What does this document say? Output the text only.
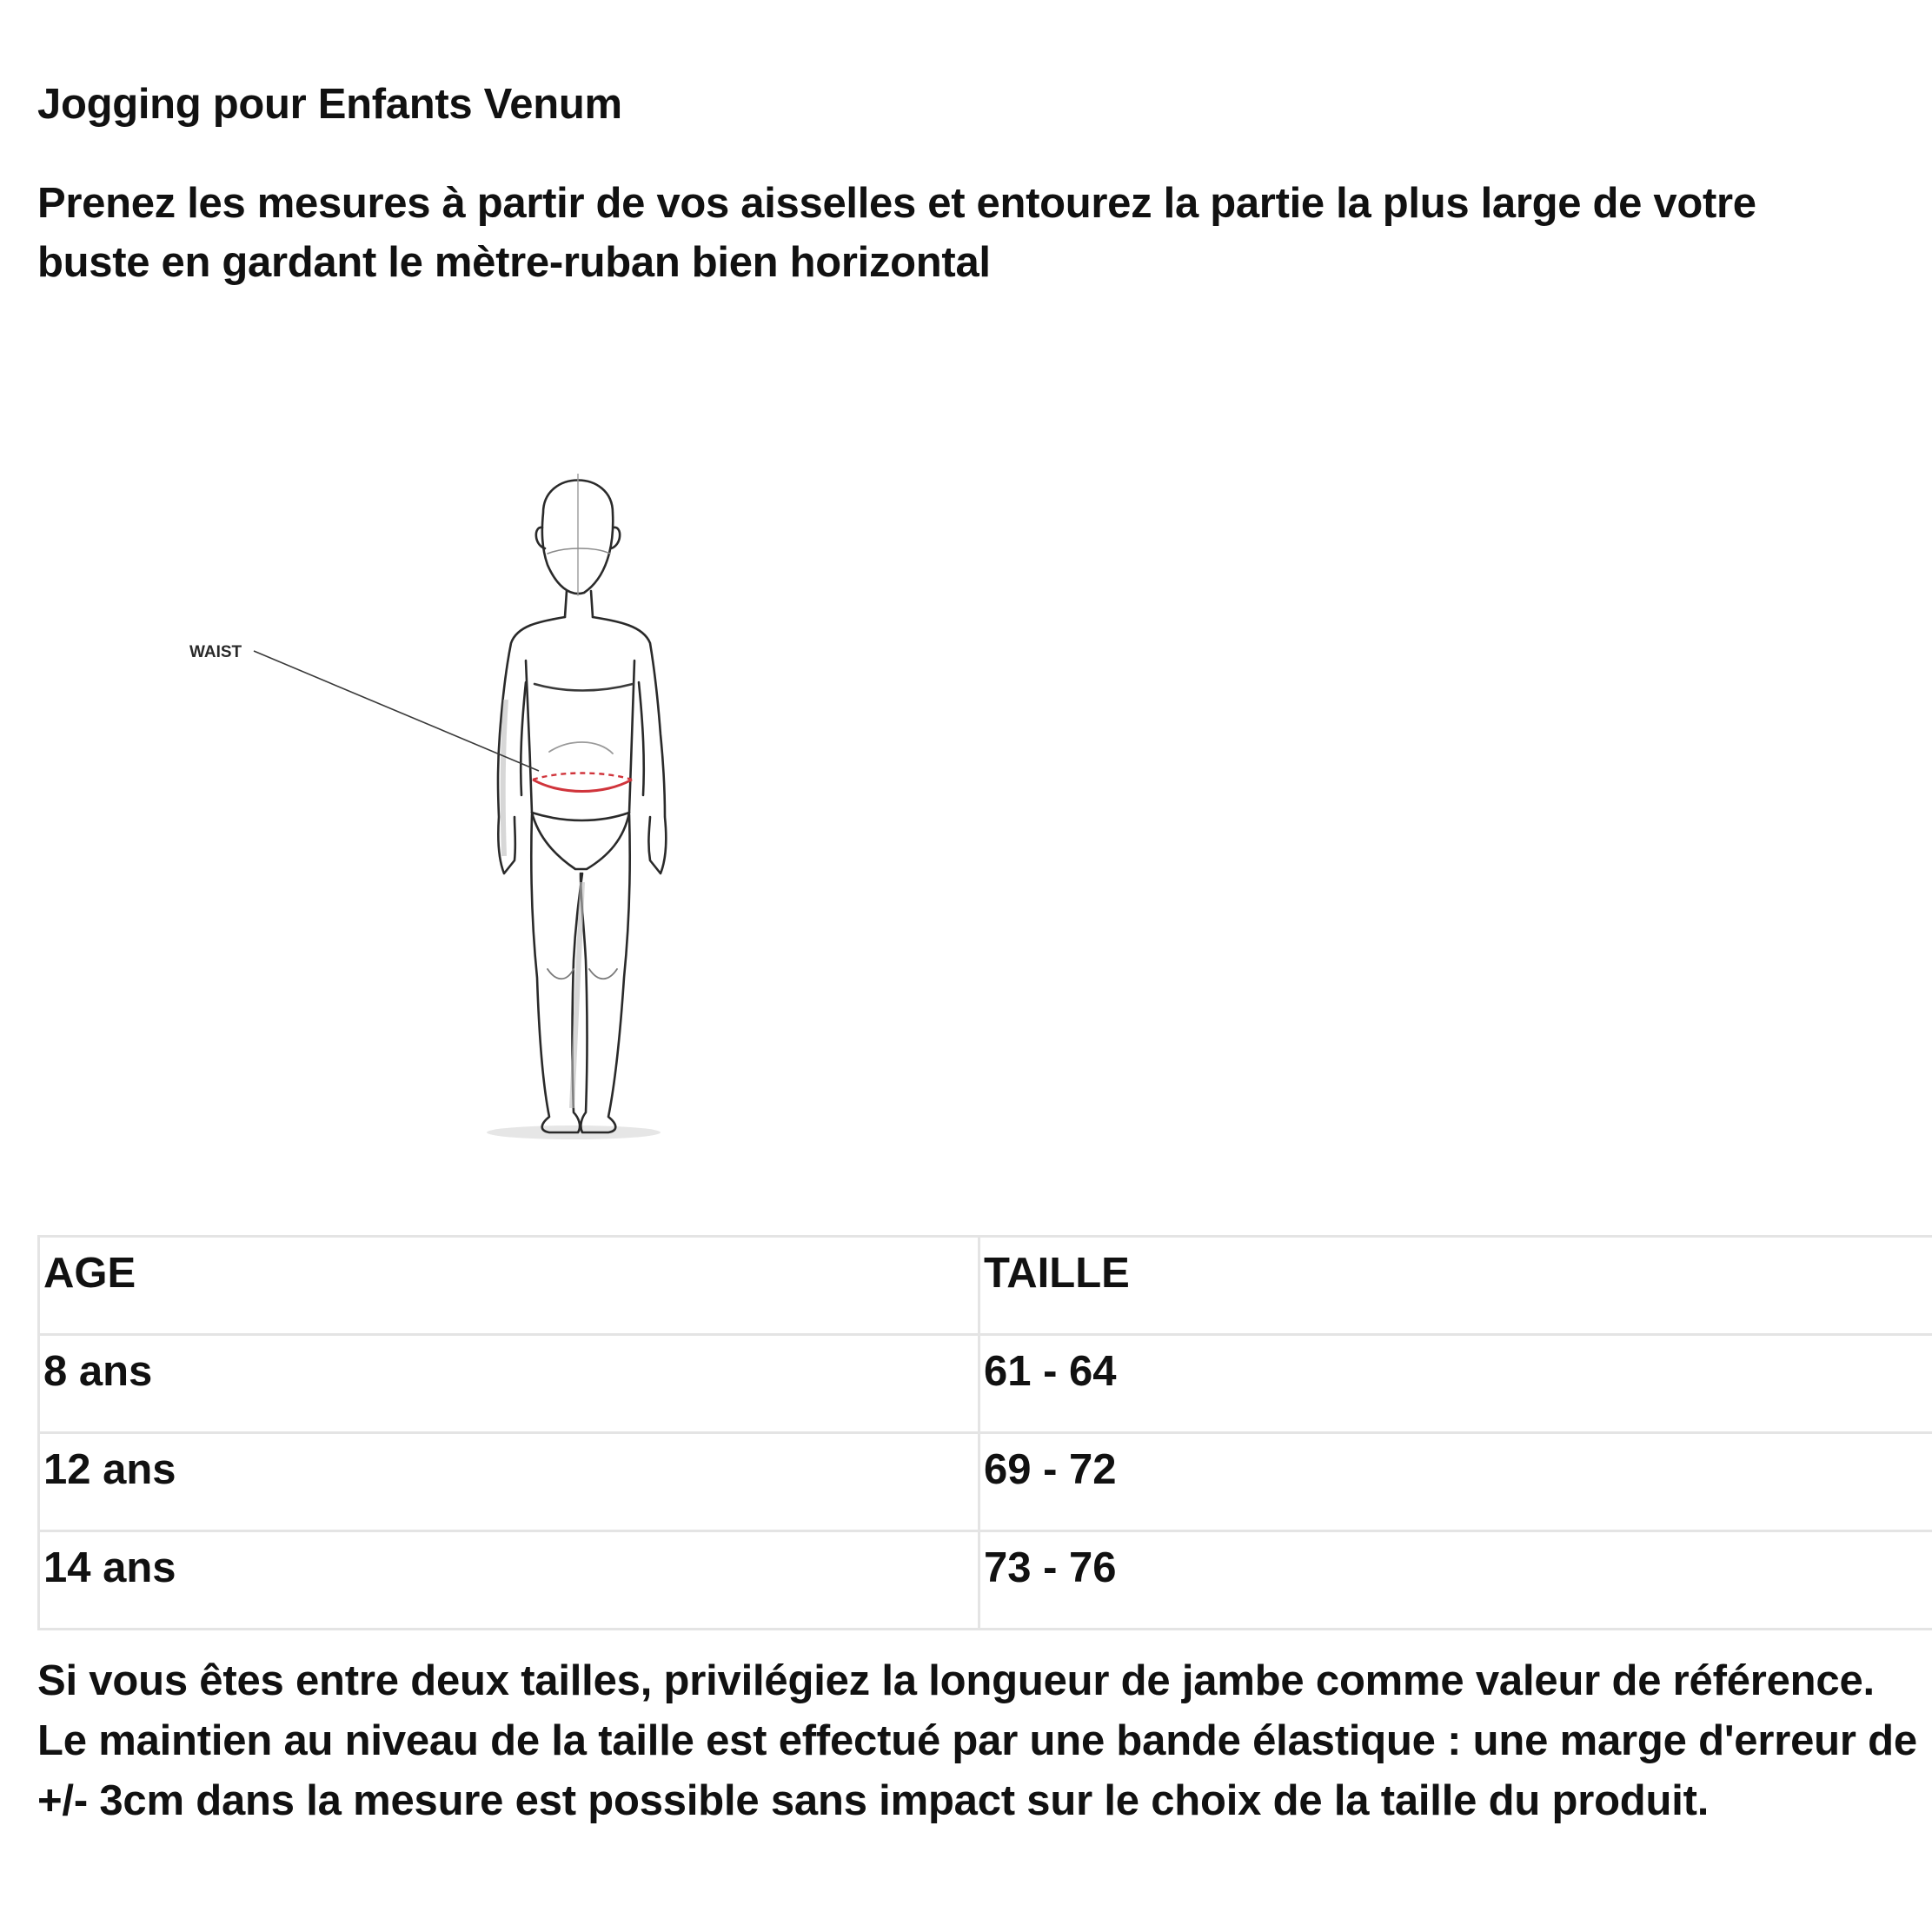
Jogging pour Enfants Venum
Prenez les mesures à partir de vos aisselles et entourez la partie la plus large de votre buste en gardant le mètre-ruban bien horizontal
WAIST
AGE	TAILLE
8 ans	61 - 64
12 ans	69 - 72
14 ans	73 - 76
Si vous êtes entre deux tailles, privilégiez la longueur de jambe comme valeur de référence.
Le maintien au niveau de la taille est effectué par une bande élastique : une marge d'erreur de +/- 3cm dans la mesure est possible sans impact sur le choix de la taille du produit.
